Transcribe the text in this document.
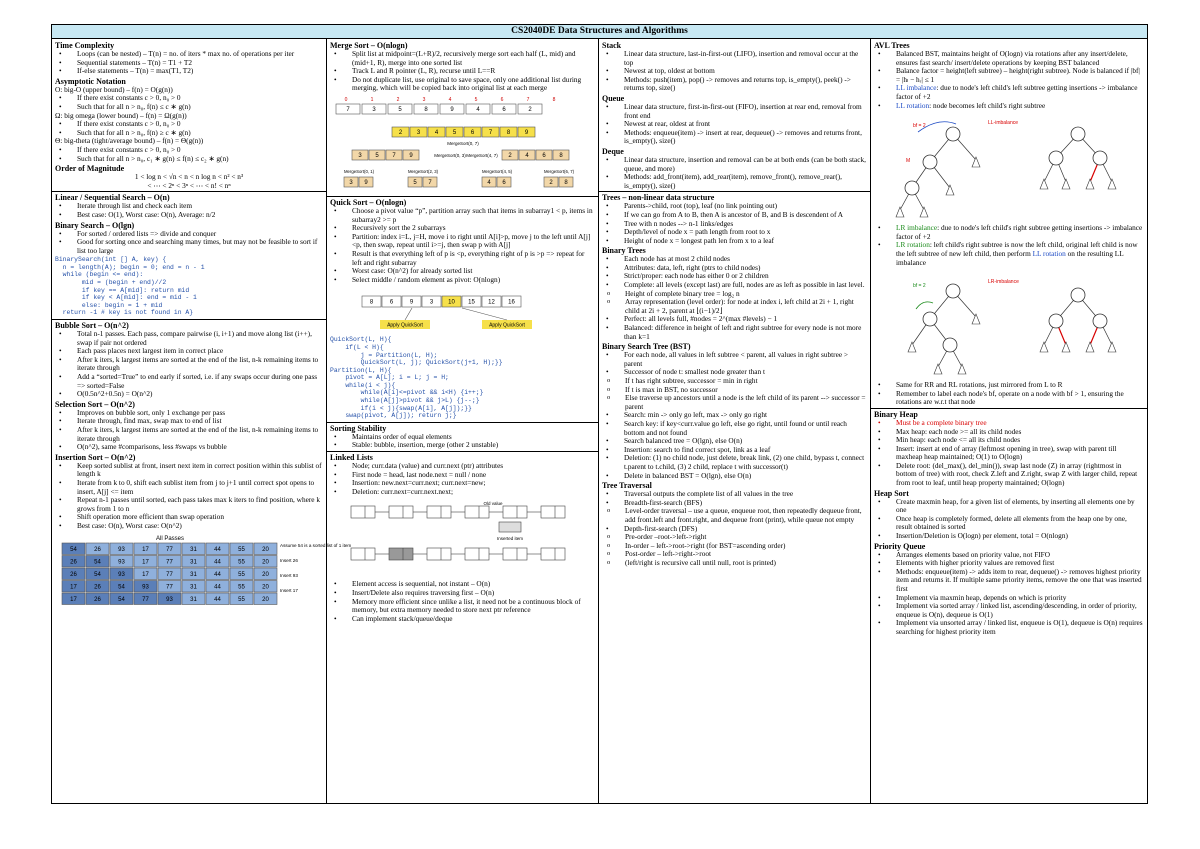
CS2040DE Data Structures and Algorithms
Time Complexity
• Loops (can be nested) – T(n) = no. of iters * max no. of operations per iter
• Sequential statements – T(n) = T1 + T2
• If-else statements – T(n) = max(T1, T2)
Asymptotic Notation
O: big-O (upper bound) – f(n) = O(g(n))
• If there exist constants c > 0, n₀ > 0
• Such that for all n > n₀, f(n) ≤ c ∗ g(n)
Ω: big omega (lower bound) – f(n) = Ω(g(n))
• If there exist constants c > 0, n₀ > 0
• Such that for all n > n₀, f(n) ≥ c ∗ g(n)
Θ: big-theta (tight/average bound) – f(n) = Θ(g(n))
• If there exist constants c > 0, n₀ > 0
• Such that for all n > n₀, c₁ ∗ g(n) ≤ f(n) ≤ c₂ ∗ g(n)
Order of Magnitude
1 < log n < √n < n < n log n < n² < n³
< ⋯ < 2ⁿ < 3ⁿ < ⋯ < n! < nⁿ
Linear / Sequential Search – O(n)
• Iterate through list and check each item
• Best case: O(1), Worst case: O(n), Average: n/2
Binary Search – O(lgn)
• For sorted / ordered lists => divide and conquer
• Good for sorting once and searching many times, but may not be feasible to sort if list too large
BinarySearch(int [] A, key) {
n = length(A); begin = 0; end = n - 1
while (begin <= end):
mid = (begin + end)//2
if key == A[mid]: return mid
if key < A[mid]: end = mid - 1
else: begin = 1 + mid
return -1 # key is not found in A}
Bubble Sort – O(n^2)
• Total n-1 passes. Each pass, compare pairwise (i, i+1) and move along list (i++), swap if pair not ordered
• Each pass places next largest item in correct place
• After k iters, k largest items are sorted at the end of the list, n-k remaining items to iterate through
• Add a “sorted=True” to end early if sorted, i.e. if any swaps occur during one pass => sorted=False
• O(0.5n^2+0.5n) = O(n^2)
Selection Sort – O(n^2)
• Improves on bubble sort, only 1 exchange per pass
• Iterate through, find max, swap max to end of list
• After k iters, k largest items are sorted at the end of the list, n-k remaining items to iterate through
• O(n^2), same #comparisons, less #swaps vs bubble
Insertion Sort – O(n^2)
• Keep sorted sublist at front, insert next item in correct position within this sublist of length k
• Iterate from k to 0, shift each sublist item from j to j+1 until correct spot opens to insert, A[j] <= item
• Repeat n-1 passes until sorted, each pass takes max k iters to find position, where k grows from 1 to n
• Shift operation more efficient than swap operation
• Best case: O(n), Worst case: O(n^2)
All Passes
54	26	93	17	77	31	44	55	20
26	54	93	17	77	31	44	55	20
26	54	93	17	77	31	44	55	20
17	26	54	93	77	31	44	55	20
17	26	54	77	93	31	44	55	20
Assume 54 is a sorted list of 1 item
Insert 26
Insert 93
Insert 17
Merge Sort – O(nlogn)
• Split list at midpoint=(L+R)/2, recursively merge sort each half (L, mid) and (mid+1, R), merge into one sorted list
• Track L and R pointer (L, R), recurse until L==R
• Do not duplicate list, use original to save space, only one additional list during merging, which will be copied back into original list at each merge
0	1	2	3	4	5	6	7	8
7	3	5	8	9	4	6	2
2 3 4 5 6 7 8 9
MergeSort(0, 7)
3 5 7 9	2 4 6 8
MergeSort(0, 3) MergeSort(4, 7)
3 9
MergeSort(0, 1)
5 7
MergeSort(2, 3)
4 6
MergeSort(4, 5)
2 8
MergeSort(6, 7)
Quick Sort – O(nlogn)
• Choose a pivot value “p”, partition array such that items in subarray1 < p, items in subarray2 >= p
• Recursively sort the 2 subarrays
• Partition: index i=L, j=H, move i to right until A[i]>p, move j to the left until A[j]<p, then swap, repeat until i>=j, then swap p with A[j]
• Result is that everything left of p is <p, everything right of p is >p => repeat for left and right subarray
• Worst case: O(n^2) for already sorted list
• Select middle / random element as pivot: O(nlogn)
8	6	9	3 10 15 12 16
Apply QuickSort	Apply QuickSort
QuickSort(L, H){
if(L < H){
j = Partition(L, H);
QuickSort(L, j); QuickSort(j+1, H);}}
Partition(L, H){
pivot = A[L]; i = L; j = H;
while(i < j){
while(A[i]<=pivot && i<H) {i++;}
while(A[j]>pivot && j>L) {j--;}
if(i < j){swap(A[i], A[j]);}}
swap(pivot, A[j]); return j;}
Sorting Stability
• Maintains order of equal elements
• Stable: bubble, insertion, merge (other 2 unstable)
Linked Lists
• Node; curr.data (value) and curr.next (ptr) attributes
• First node = head, last node.next = null / none
• Insertion: new.next=curr.next; curr.next=new;
• Deletion: curr.next=curr.next.next;
Old value
Inserted item
• Element access is sequential, not instant – O(n)
• Insert/Delete also requires traversing first – O(n)
• Memory more efficient since unlike a list, it need not be a continuous block of memory, but extra memory needed to store next ptr reference
• Can implement stack/queue/deque
Stack
• Linear data structure, last-in-first-out (LIFO), insertion and removal occur at the top
• Newest at top, oldest at bottom
• Methods: push(item), pop() -> removes and returns top, is_empty(), peek() -> returns top, size()
Queue
• Linear data structure, first-in-first-out (FIFO), insertion at rear end, removal from front end
• Newest at rear, oldest at front
• Methods: enqueue(item) -> insert at rear, dequeue() -> removes and returns front, is_empty(), size()
Deque
• Linear data structure, insertion and removal can be at both ends (can be both stack, queue, and more)
• Methods: add_front(item), add_rear(item), remove_front(), remove_rear(), is_empty(), size()
Trees – non-linear data structure
• Parents->child, root (top), leaf (no link pointing out)
• If we can go from A to B, then A is ancestor of B, and B is descendent of A
• Tree with n nodes --> n-1 links/edges
• Depth/level of node x = path length from root to x
• Height of node x = longest path len from x to a leaf
Binary Trees
• Each node has at most 2 child nodes
• Attributes: data, left, right (ptrs to child nodes)
• Strict/proper: each node has either 0 or 2 children
• Complete: all levels (except last) are full, nodes are as left as possible in last level.
o Height of complete binary tree = log₂ n
o Array representation (level order): for node at index i, left child at 2i + 1, right child at 2i + 2, parent at ⌊(i−1)/2⌋
• Perfect: all levels full, #nodes = 2^(max #levels) − 1
• Balanced: difference in height of left and right subtree for every node is not more than k=1
Binary Search Tree (BST)
• For each node, all values in left subtree < parent, all values in right subtree > parent
• Successor of node t: smallest node greater than t
o If t has right subtree, successor = min in right
o If t is max in BST, no successor
o Else traverse up ancestors until a node is the left child of its parent --> successor = parent
• Search: min -> only go left, max -> only go right
• Search key: if key<curr.value go left, else go right, until found or until reach bottom and not found
• Search balanced tree = O(lgn), else O(n)
• Insertion: search to find correct spot, link as a leaf
• Deletion: (1) no child node, just delete, break link, (2) one child, bypass t, connect t.parent to t.child, (3) 2 child, replace t with successor(t)
• Delete in balanced BST = O(lgn), else O(n)
Tree Traversal
• Traversal outputs the complete list of all values in the tree
• Breadth-first-search (BFS)
o Level-order traversal – use a queue, enqueue root, then repeatedly dequeue front, add front.left and front.right, and dequeue front (print), while queue not empty
• Depth-first-search (DFS)
o Pre-order –root->left->right
o In-order – left->root->right (for BST=ascending order)
o Post-order – left->right->root
o (left/right is recursive call until null, root is printed)
AVL Trees
• Balanced BST, maintains height of O(logn) via rotations after any insert/delete, ensures fast search/ insert/delete operations by keeping BST balanced
• Balance factor = height(left subtree) – height(right subtree). Node is balanced if |bf| = |hₗ − hᵣ| ≤ 1
• LL imbalance: due to node's left child's left subtree getting insertions -> imbalance factor of +2
• LL rotation: node becomes left child's right subtree
LL-imbalance
bf = 2
M
• LR imbalance: due to node's left child's right subtree getting insertions -> imbalance factor of +2
• LR rotation: left child's right subtree is now the left child, original left child is now the left subtree of new left child, then perform LL rotation on the resulting LL imbalance
LR-imbalance
bf = 2
• Same for RR and RL rotations, just mirrored from L to R
• Remember to label each node's bf, operate on a node with bf > 1, ensuring the rotations are w.r.t that node
Binary Heap
• Must be a complete binary tree
• Max heap: each node >= all its child nodes
• Min heap: each node <= all its child nodes
• Insert: insert at end of array (leftmost opening in tree), swap with parent till maxheap heap maintained; O(1) to O(logn)
• Delete root: (del_max(), del_min()), swap last node (Z) in array (rightmost in bottom of tree) with root, check Z.left and Z.right, swap Z with larger child, repeat from root to leaf, until heap property maintained; O(logn)
Heap Sort
• Create maxmin heap, for a given list of elements, by inserting all elements one by one
• Once heap is completely formed, delete all elements from the heap one by one, result obtained is sorted
• Insertion/Deletion is O(logn) per element, total = O(nlogn)
Priority Queue
• Arranges elements based on priority value, not FIFO
• Elements with higher priority values are removed first
• Methods: enqueue(item) -> adds item to rear, dequeue() -> removes highest priority item and returns it. If multiple same priority items, remove the one that was inserted first
• Implement via maxmin heap, depends on which is priority
• Implement via sorted array / linked list, ascending/descending, in order of priority, enqueue is O(n), dequeue is O(1)
• Implement via unsorted array / linked list, enqueue is O(1), dequeue is O(n) requires searching for highest priority item
